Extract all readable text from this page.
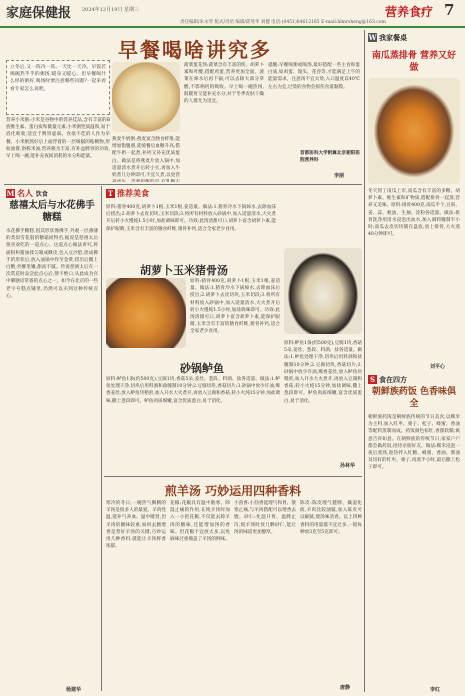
家庭保健报 2024年12月19日 星期三	营养食疗 7
责任编辑/朱永琴 版式/肖培 编辑/邱英华 刘健 电话:(0451)84612185 E-mail:hlmrsheng@163.com
早餐喝啥讲究多
立冬后,又一阵冷一阵,一天比一天冷。早饭若喝碗热乎乎的粥汤,暖身又暖心。但早餐喝什么样的粥好,喝汤时要注意哪些问题?一起来看看专家怎么说吧。
营养小米粥:小米是谷物中的营养佳品,含有丰富的B族维生素、蛋白质和微量元素,小米粥性质温和,易于消化吸收,适宜于脾胃虚弱、食欲不佳的人作为早餐。小米粥熬好后上面浮着的一层细腻的粘稠物,形如油膏,俗称米油,营养极为丰富,有补益脾胃的功效,早上喝一碗,能补充夜间消耗的水分和能量。
燕麦牛奶粥:燕麦富含膳食纤维,能增加饱腹感,延缓餐后血糖升高,搭配牛奶一起煮,补钙又补充优质蛋白。做法是将燕麦片放入锅中,加适量清水煮开后转小火,再加入牛奶煮几分钟即可,不宜久煮,以免营
菠菜蛋花汤:菠菜含有丰富的铁、胡萝卜素和叶酸,搭配鸡蛋,营养更加全面。菠菜在焯水后再下锅,可以去除大部分草酸,不影响钙的吸收。早上喝一碗热汤,既暖胃又能补充水分,对于冬季皮肤干燥的人群尤为适宜。
提醒:早餐喝粥或喝汤,最好搭配一些主食和蛋白质,如鸡蛋、馒头、花卷等,才能满足上午的能量需求。注意汤不宜太烫,入口温度以40℃左右为宜,过烫的食物会损伤食道黏膜。
首都医科大学附属北京朝阳医院营养科
李丽
M 名人 饮食
慈禧太后与水花佛手糖糕
水花佛手糖糕,因其形状像佛手,外观一层薄薄的类似雪花般的糖霜而得名,据说是慈禧太后很喜欢吃的一道点心。这道点心做法讲究,将面粉和猪油揉匀制成酥皮,包入豆沙馅,捏成佛手的形状后,放入油锅中炸至金黄,捞出后撒上白糖,外酥里嫩,甜而不腻。传说慈禧太后在一次赏花时品尝此点心后,赞不绝口,从此成为宫中御膳房常备的点心之一。如今在北京的一些老字号糕点铺里,仍然可以买到这种传统点心。
杨建华
T 推荐美食
胡萝卜玉米猪骨汤
原料:猪骨400克,胡萝卜1根,玉米1根,姜适量。做法:1.猪骨冷水下锅焯水,去除血沫后捞出;2.胡萝卜去皮切块,玉米切段;3.将所有材料放入砂锅中,加入适量清水,大火煮开后转小火慢炖1.5小时,加盐调味即可。功效:此汤清甜可口,胡萝卜富含胡萝卜素,能保护眼睛,玉米含有丰富的膳食纤维,猪骨补钙,适合全家老少食用。
原料:猪骨400克,胡萝卜1根,玉米1根,姜适量。做法:1.猪骨冷水下锅焯水,去除血沫后捞出;2.胡萝卜去皮切块,玉米切段;3.将所有材料放入砂锅中,加入适量清水,大火煮开后转小火慢炖1.5小时,加盐调味即可。功效:此汤清甜可口,胡萝卜富含胡萝卜素,能保护眼睛,玉米含有丰富的膳食纤维,猪骨补钙,适合全家老少食用。
砂锅鲈鱼
原料:鲈鱼1条(约500克),豆腐1块,香菇5朵,姜丝、葱段、料酒、盐各适量。做法:1.鲈鱼处理干净,切块后用料酒和盐腌制10分钟;2.豆腐切块,香菇切片;3.砂锅中放少许油,爆香姜丝,放入鲈鱼块稍煎,加入开水大火煮开,再放入豆腐和香菇,转小火炖15分钟,加盐调味,撒上葱段即可。鲈鱼肉质细嫩,富含优质蛋白,易于消化。
原料:鲈鱼1条(约500克),豆腐1块,香菇5朵,姜丝、葱段、料酒、盐各适量。做法:1.鲈鱼处理干净,切块后用料酒和盐腌制10分钟;2.豆腐切块,香菇切片;3.砂锅中放少许油,爆香姜丝,放入鲈鱼块稍煎,加入开水大火煮开,再放入豆腐和香菇,转小火炖15分钟,加盐调味,撒上葱段即可。鲈鱼肉质细嫩,富含优质蛋白,易于消化。
孙林华
煎羊汤 巧妙运用四种香料
寒冷的冬日,一碗热气腾腾的羊汤是很多人的最爱。羊肉性温,能补气养血、温中暖肾,但羊肉的膻味较重,如何去膻增香是煮好羊汤的关键,巧妙运用几种香料,就能让羊汤鲜香浓郁。
花椒:花椒具有温中散寒、除湿止痛的作用,在炖羊汤时加入一小把花椒,不仅能去除羊肉的膻味,还能增加汤的香味。但花椒不宜放太多,以免麻味过重掩盖了羊汤的鲜味。
小茴香:小茴香能理气和胃、散寒止痛,与羊肉搭配可以增香去腥。砂仁:化湿开胃、温脾止泻,炖羊汤时放几颗砂仁,能让汤的味道更加醇厚。
陈皮:陈皮理气健脾、燥湿化痰,羊肉比较油腻,加入陈皮可以解腻,使汤味清香。以上四种香料的用量都不宜过多,一般每种放3克至5克即可。
唐静
W 我家餐桌
南瓜蒸排骨 营养又好做
冬天到了南瓜上市,南瓜含有丰富的多糖、胡萝卜素、维生素和矿物质,搭配排骨一起蒸,营养又美味。原料:排骨400克,南瓜半个,豆豉、姜、蒜、蚝油、生抽、淀粉各适量。做法:排骨洗净用清水浸泡出血水,加入调料腌制半小时;南瓜去皮切块铺在盘底,放上排骨,大火蒸40分钟即可。
刘平心
S 食在四方
朝鲜族药饭 色香味俱全
朝鲜族药饭是朝鲜族传统的节日美食,以糯米为主料,加入红枣、栗子、松子、蜂蜜、香油等配料蒸制而成。药饭颜色棕红,香甜软糯,寓意吉祥如意。在朝鲜族的传统节日,家家户户都会做药饭,招待亲朋好友。做法:糯米浸泡一夜后蒸熟,趁热拌入红糖、蜂蜜、香油、酱油及切好的红枣、栗子,再蒸半小时,最后撒上松子即可。
李红
